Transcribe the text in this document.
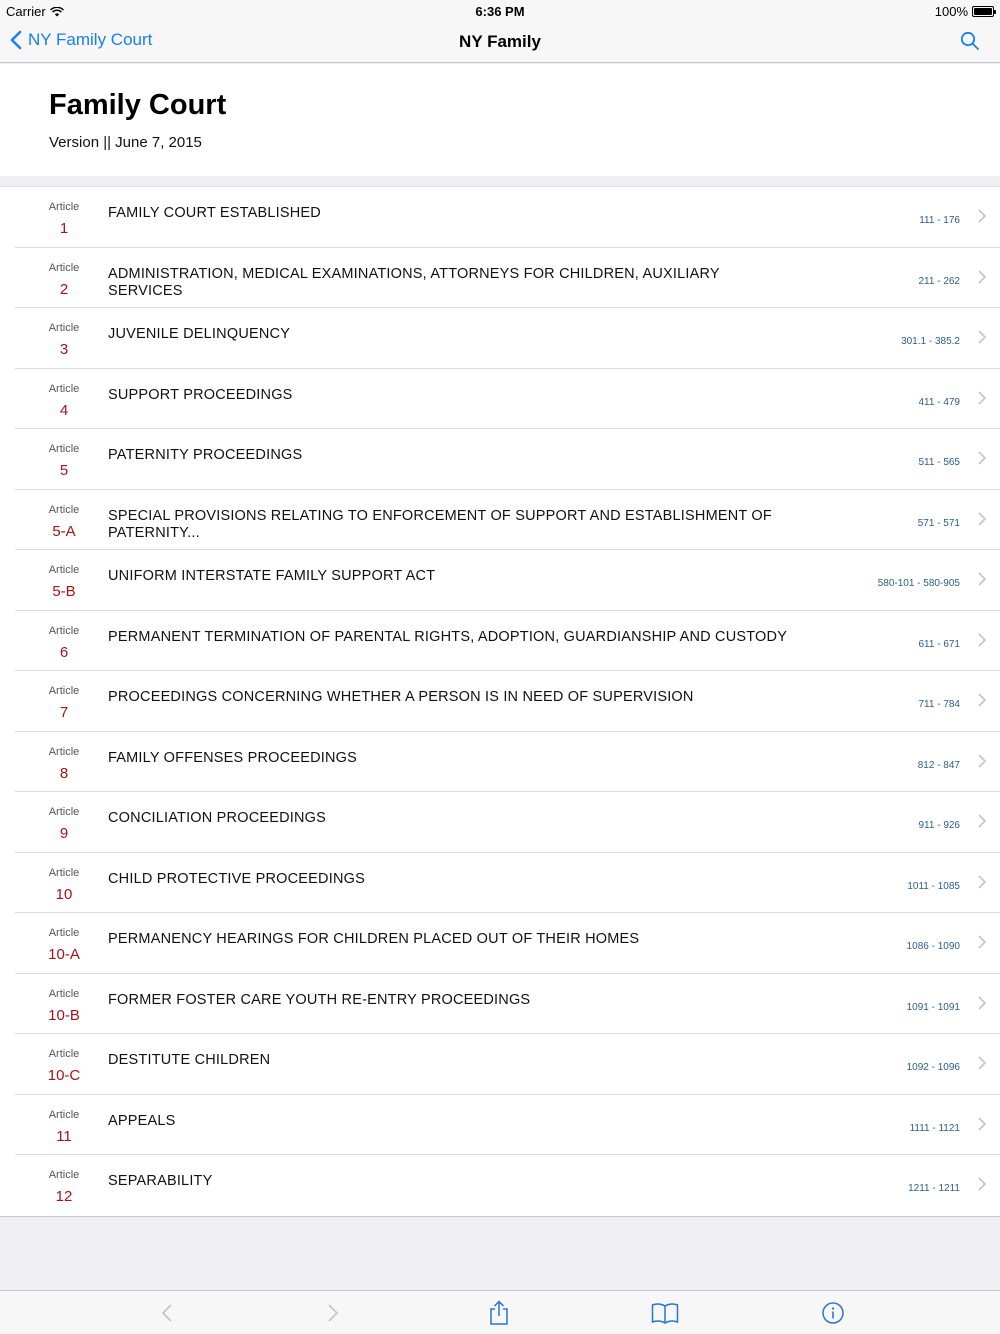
Carrier	6:36 PM	100%
NY Family Court	NY Family
Family Court
Version || June 7, 2015
Article
1
FAMILY COURT ESTABLISHED	111 - 176
Article
2
ADMINISTRATION, MEDICAL EXAMINATIONS, ATTORNEYS FOR CHILDREN, AUXILIARY SERVICES
211 - 262
Article
3
JUVENILE DELINQUENCY	301.1 - 385.2
Article
4
SUPPORT PROCEEDINGS	411 - 479
Article
5
PATERNITY PROCEEDINGS	511 - 565
Article
5-A
SPECIAL PROVISIONS RELATING TO ENFORCEMENT OF SUPPORT AND ESTABLISHMENT OF PATERNITY...
571 - 571
Article
5-B
UNIFORM INTERSTATE FAMILY SUPPORT ACT	580-101 - 580-905
Article
6
PERMANENT TERMINATION OF PARENTAL RIGHTS, ADOPTION, GUARDIANSHIP AND CUSTODY	611 - 671
Article
7
PROCEEDINGS CONCERNING WHETHER A PERSON IS IN NEED OF SUPERVISION	711 - 784
Article
8
FAMILY OFFENSES PROCEEDINGS	812 - 847
Article
9
CONCILIATION PROCEEDINGS	911 - 926
Article
10
CHILD PROTECTIVE PROCEEDINGS	1011 - 1085
Article
10-A
PERMANENCY HEARINGS FOR CHILDREN PLACED OUT OF THEIR HOMES	1086 - 1090
Article
10-B
FORMER FOSTER CARE YOUTH RE-ENTRY PROCEEDINGS	1091 - 1091
Article
10-C
DESTITUTE CHILDREN	1092 - 1096
Article
11
APPEALS	1111 - 1121
Article
12
SEPARABILITY	1211 - 1211
